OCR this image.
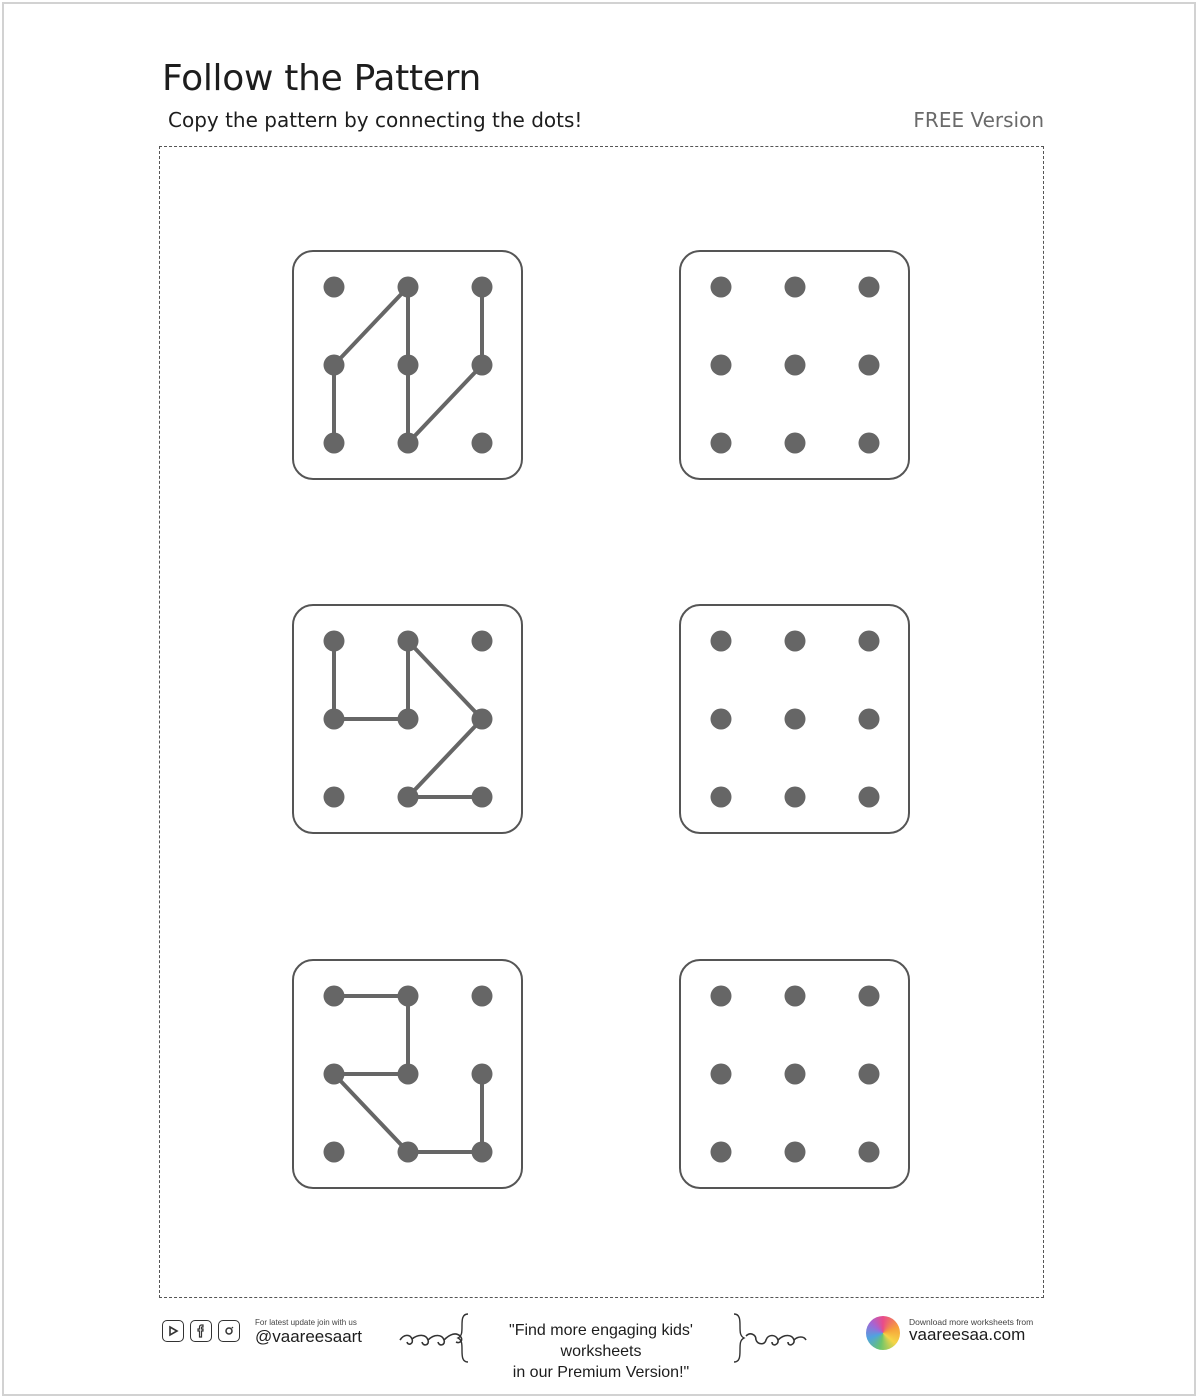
Follow the Pattern
Copy the pattern by connecting the dots!	FREE Version
For latest update join with us
@vaareesaart	"Find more engaging kids' worksheets
in our Premium Version!"
Download more worksheets from
vaareesaa.com
